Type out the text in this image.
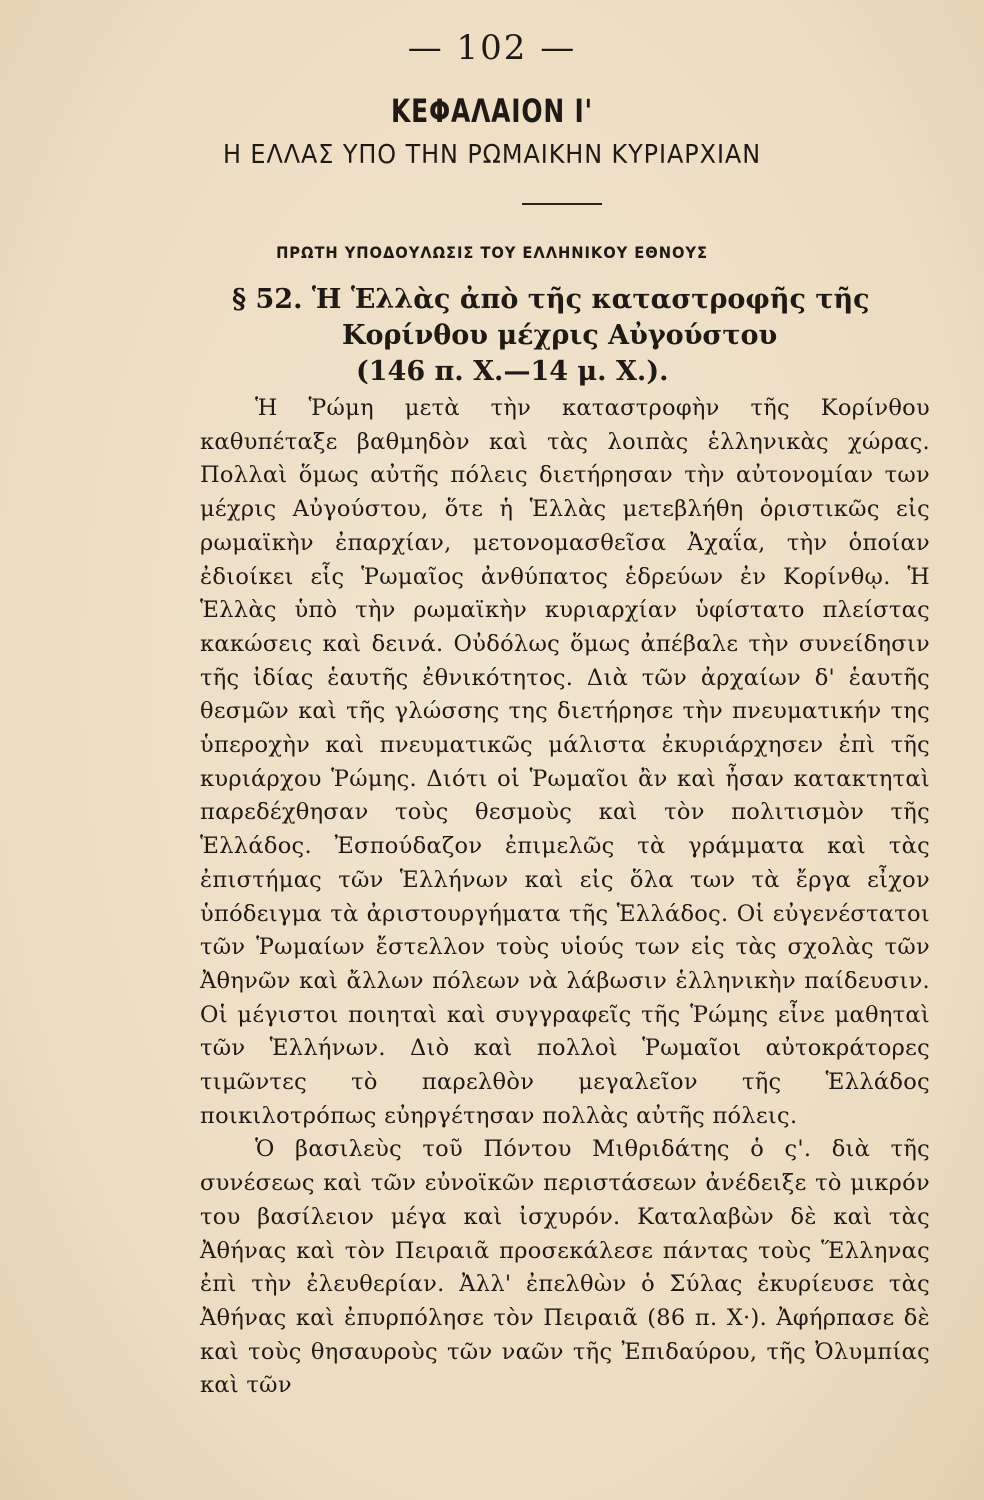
— 102 —
ΚΕΦΑΛΑΙΟΝ Ι'
Η ΕΛΛΑΣ ΥΠΟ ΤΗΝ ΡΩΜΑΙΚΗΝ ΚΥΡΙΑΡΧΙΑΝ
ΠΡΩΤΗ ΥΠΟΔΟΥΛΩΣΙΣ ΤΟΥ ΕΛΛΗΝΙΚΟΥ ΕΘΝΟΥΣ
§ 52. Ἡ Ἑλλὰς ἀπὸ τῆς καταστροφῆς τῆς
Κορίνθου μέχρις Αὐγούστου
(146 π. Χ.—14 μ. Χ.).

Ἡ Ῥώμη μετὰ τὴν καταστροφὴν τῆς Κορίνθου καθυπέταξε βαθμηδὸν καὶ τὰς λοιπὰς ἑλληνικὰς χώρας. Πολλαὶ ὅμως αὐτῆς πόλεις διετήρησαν τὴν αὐτονομίαν των μέχρις Αὐγούστου, ὅτε ἡ Ἑλλὰς μετεβλήθη ὁριστικῶς εἰς ρωμαϊκὴν ἐπαρχίαν, μετονομασθεῖσα Ἀχαΐα, τὴν ὁποίαν ἐδιοίκει εἷς Ῥωμαῖος ἀνθύπατος ἑδρεύων ἐν Κορίνθῳ. Ἡ Ἑλλὰς ὑπὸ τὴν ρωμαϊκὴν κυριαρχίαν ὑφίστατο πλείστας κακώσεις καὶ δεινά. Οὐδόλως ὅμως ἀπέβαλε τὴν συνείδησιν τῆς ἰδίας ἑαυτῆς ἐθνικότητος. Διὰ τῶν ἀρχαίων δ' ἑαυτῆς θεσμῶν καὶ τῆς γλώσσης της διετήρησε τὴν πνευματικήν της ὑπεροχὴν καὶ πνευματικῶς μάλιστα ἐκυριάρχησεν ἐπὶ τῆς κυριάρχου Ῥώμης. Διότι οἱ Ῥωμαῖοι ἂν καὶ ἦσαν κατακτηταὶ παρεδέχθησαν τοὺς θεσμοὺς καὶ τὸν πολιτισμὸν τῆς Ἑλλάδος. Ἐσπούδαζον ἐπιμελῶς τὰ γράμματα καὶ τὰς ἐπιστήμας τῶν Ἑλλήνων καὶ εἰς ὅλα των τὰ ἔργα εἶχον ὑπόδειγμα τὰ ἀριστουργήματα τῆς Ἑλλάδος. Οἱ εὐγενέστατοι τῶν Ῥωμαίων ἔστελλον τοὺς υἱούς των εἰς τὰς σχολὰς τῶν Ἀθηνῶν καὶ ἄλλων πόλεων νὰ λάβωσιν ἑλληνικὴν παίδευσιν. Οἱ μέγιστοι ποιηταὶ καὶ συγγραφεῖς τῆς Ῥώμης εἶνε μαθηταὶ τῶν Ἑλλήνων. Διὸ καὶ πολλοὶ Ῥωμαῖοι αὐτοκράτορες τιμῶντες τὸ παρελθὸν μεγαλεῖον τῆς Ἑλλάδος ποικιλοτρόπως εὐηργέτησαν πολλὰς αὐτῆς πόλεις.

Ὁ βασιλεὺς τοῦ Πόντου Μιθριδάτης ὁ ς'. διὰ τῆς συνέσεως καὶ τῶν εὐνοϊκῶν περιστάσεων ἀνέδειξε τὸ μικρόν του βασίλειον μέγα καὶ ἰσχυρόν. Καταλαβὼν δὲ καὶ τὰς Ἀθήνας καὶ τὸν Πειραιᾶ προσεκάλεσε πάντας τοὺς Ἕλληνας ἐπὶ τὴν ἐλευθερίαν. Ἀλλ' ἐπελθὼν ὁ Σύλας ἐκυρίευσε τὰς Ἀθήνας καὶ ἐπυρπόλησε τὸν Πειραιᾶ (86 π. Χ·). Ἀφήρπασε δὲ καὶ τοὺς θησαυροὺς τῶν ναῶν τῆς Ἐπιδαύρου, τῆς Ὀλυμπίας καὶ τῶν
